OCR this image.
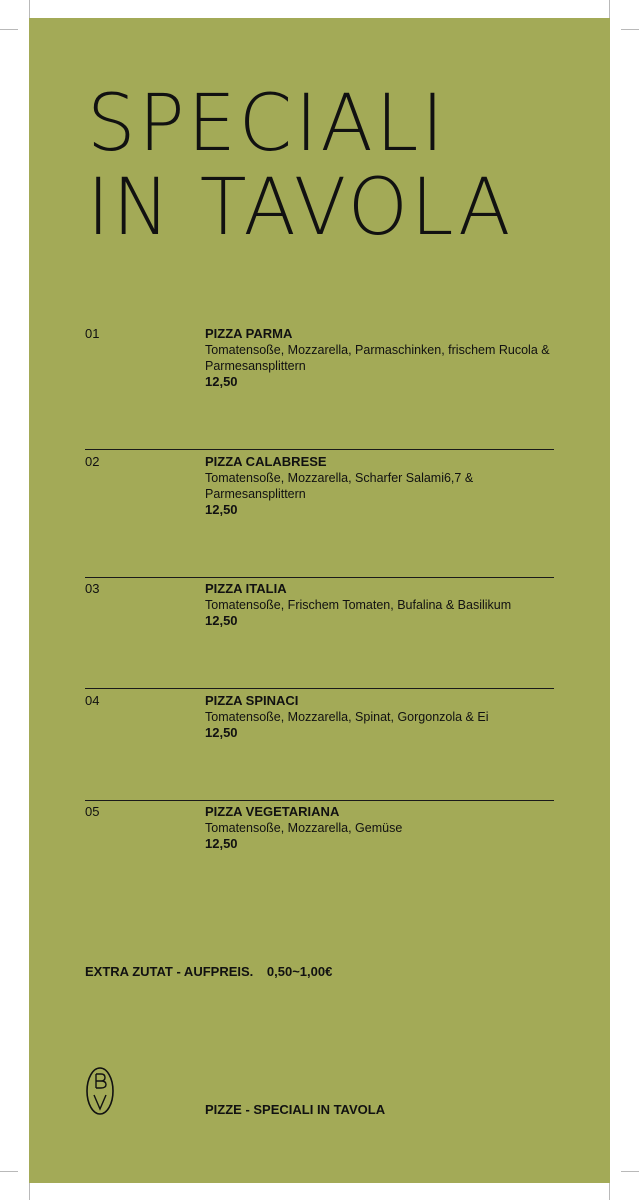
SPECIALI
IN TAVOLA
01	PIZZA PARMA
Tomatensoße, Mozzarella, Parmaschinken, frischem Rucola & Parmesansplittern
12,50
02	PIZZA CALABRESE
Tomatensoße, Mozzarella, Scharfer Salami6,7 & Parmesansplittern
12,50
03	PIZZA ITALIA
Tomatensoße, Frischem Tomaten, Bufalina & Basilikum
12,50
04	PIZZA SPINACI
Tomatensoße, Mozzarella, Spinat, Gorgonzola & Ei
12,50
05	PIZZA VEGETARIANA
Tomatensoße, Mozzarella, Gemüse
12,50
EXTRA ZUTAT - AUFPREIS. 0,50~1,00€
PIZZE - SPECIALI IN TAVOLA
